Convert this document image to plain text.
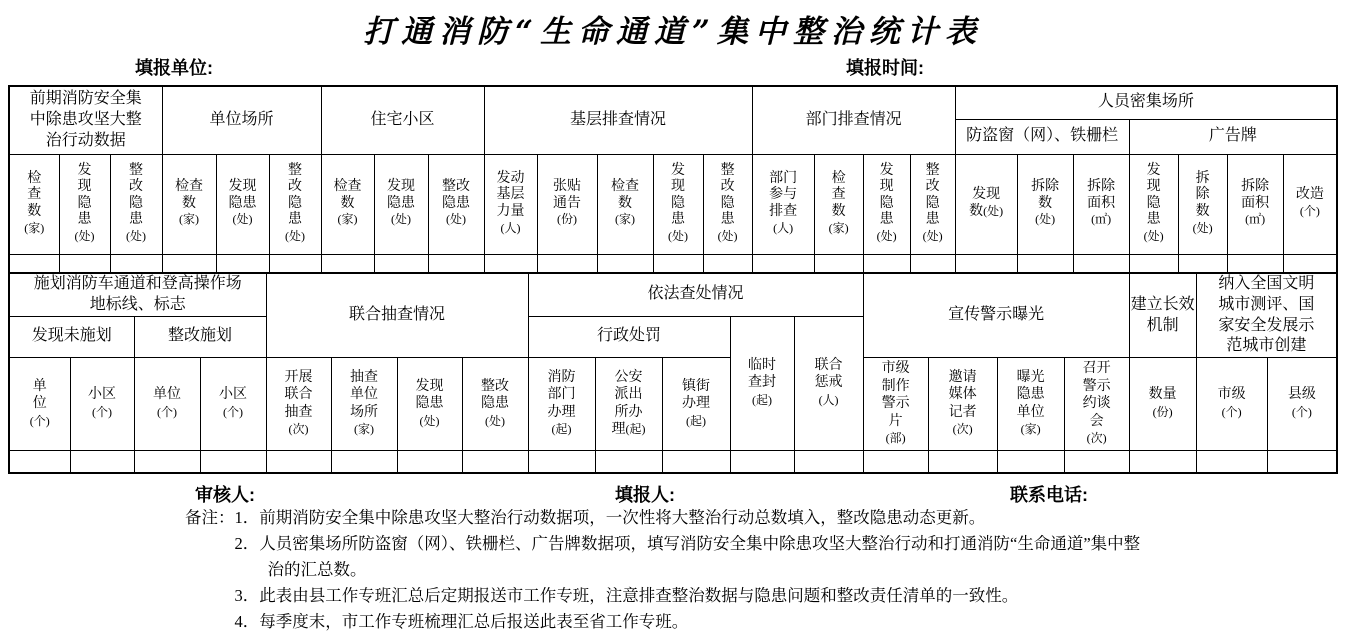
打通消防“生命通道”集中整治统计表
填报单位:	填报时间:
前期消防安全集中除患攻坚大整治行动数据			单位场所			住宅小区			基层排查情况					部门排查情况				人员密集场所						
																		防盗窗（网）、铁栅栏			广告牌			
检查数(家)	发现隐患(处)	整改隐患(处)	检查数(家)	发现隐患(处)	整改隐患(处)	检查数(家)	发现隐患(处)	整改隐患(处)	发动基层力量(人)	张贴通告(份)	检查数(家)	发现隐患(处)	整改隐患(处)	部门参与排查(人)	检查数(家)	发现隐患(处)	整改隐患(处)	发现数(处)	拆除数(处)	拆除面积(㎡)	发现隐患(处)	拆除数(处)	拆除面积(㎡)	改造(个)

施划消防车通道和登高操作场地标线、标志				联合抽查情况				依法查处情况					宣传警示曝光				建立长效机制	纳入全国文明城市测评、国家安全发展示范城市创建	
发现未施划		整改施划						行政处罚			临时查封(起)	联合惩戒(人)							
单位(个)	小区(个)	单位(个)	小区(个)	开展联合抽查(次)	抽查单位场所(家)	发现隐患(处)	整改隐患(处)	消防部门办理(起)	公安派出所办理(起)	镇街办理(起)			市级制作警示片(部)	邀请媒体记者(次)	曝光隐患单位(家)	召开警示约谈会(次)	数量(份)	市级(个)	县级(个)

审核人:	填报人:	联系电话:
备注： 1．前期消防安全集中除患攻坚大整治行动数据项，一次性将大整治行动总数填入，整改隐患动态更新。
2．人员密集场所防盗窗（网）、铁栅栏、广告牌数据项，填写消防安全集中除患攻坚大整治行动和打通消防“生命通道”集中整治的汇总数。
3．此表由县工作专班汇总后定期报送市工作专班，注意排查整治数据与隐患问题和整改责任清单的一致性。
4．每季度末，市工作专班梳理汇总后报送此表至省工作专班。
